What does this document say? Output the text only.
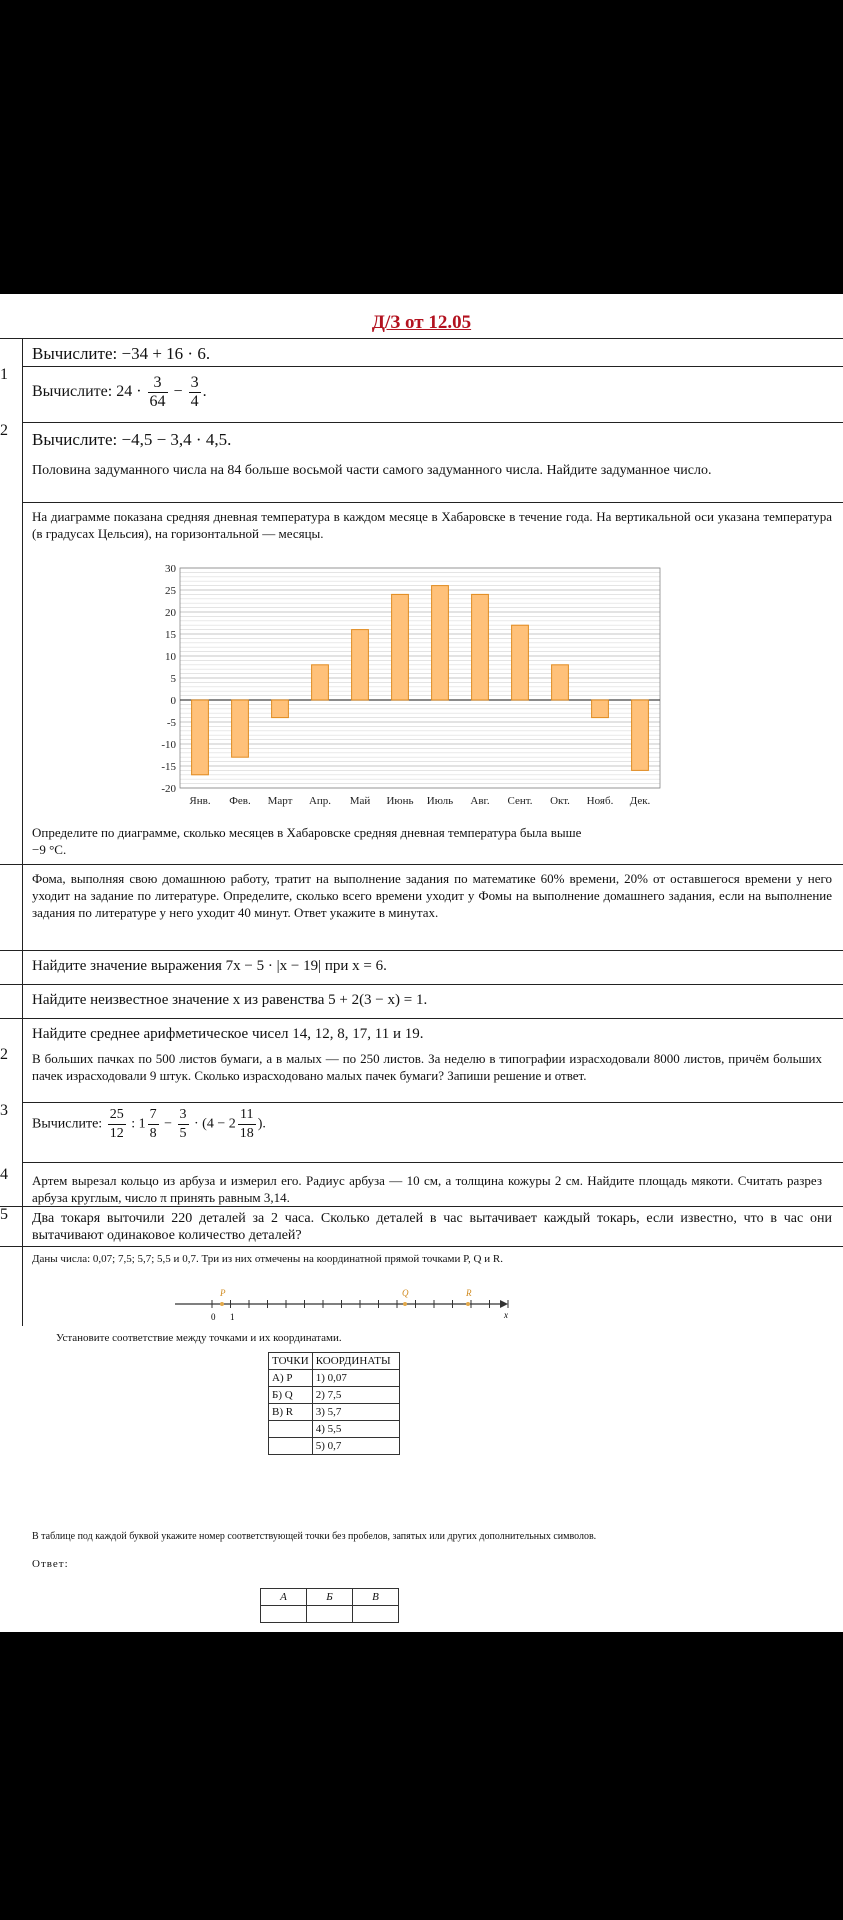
Д/З от 12.05
Вычислите: −34 + 16 · 6.
1
Вычислите: $24 \cdot \frac{3}{64} - \frac{3}{4}$ .
2 Вычислите: −4,5 − 3,4 · 4,5.
Половина задуманного числа на 84 больше восьмой части самого задуманного числа. Найдите задуманное число.
На диаграмме показана средняя дневная температура в каждом месяце в Хабаровске в течение года. На вертикальной оси указана температура (в градусах Цельсия), на горизонтальной — месяцы.
30
25
20
15
10
5
0
-5
-10
-15
-20
Янв. Фев. Март Апр. Май Июнь Июль Авг. Сент. Окт. Нояб. Дек.
Определите по диаграмме, сколько месяцев в Хабаровске средняя дневная температура была выше
−9 °C.
Фома, выполняя свою домашнюю работу, тратит на выполнение задания по математике 60% времени, 20% от оставшегося времени у него уходит на задание по литературе. Определите, сколько всего времени уходит у Фомы на выполнение домашнего задания, если на выполнение задания по литературе у него уходит 40 минут. Ответ укажите в минутах.
Найдите значение выражения 7x − 5 · |x − 19| при x = 6.
Найдите неизвестное значение x из равенства 5 + 2(3 − x) = 1.
Найдите среднее арифметическое чисел 14, 12, 8, 17, 11 и 19.
2 В больших пачках по 500 листов бумаги, а в малых — по 250 листов. За неделю в типографии израсходовали 8000 листов, причём больших пачек израсходовали 9 штук. Сколько израсходовано малых пачек бумаги? Запиши решение и ответ.
3
Вычислите: $\frac{25}{12}$ : $1 \frac{7}{8} - \frac{3}{5} \cdot (4 - 2 \frac{11}{18}$ ).
4 Артем вырезал кольцо из арбуза и измерил его. Радиус арбуза — 10 см, а толщина кожуры 2 см. Найдите площадь мякоти. Считать разрез арбуза круглым, число π принять равным 3,14.
5 Два токаря выточили 220 деталей за 2 часа. Сколько деталей в час вытачивает каждый токарь, если известно, что в час они вытачивают одинаковое количество деталей?
Даны числа: 0,07; 7,5; 5,7; 5,5 и 0,7. Три из них отмечены на координатной прямой точками P, Q и R.
0 1
P	Q	R
x
Установите соответствие между точками и их координатами.
ТОЧКИ	КООРДИНАТЫ
А) P	1) 0,07
Б) Q	2) 7,5
В) R	3) 5,7
	4) 5,5
	5) 0,7
В таблице под каждой буквой укажите номер соответствующей точки без пробелов, запятых или других дополнительных символов.
Ответ:
А	Б	В
